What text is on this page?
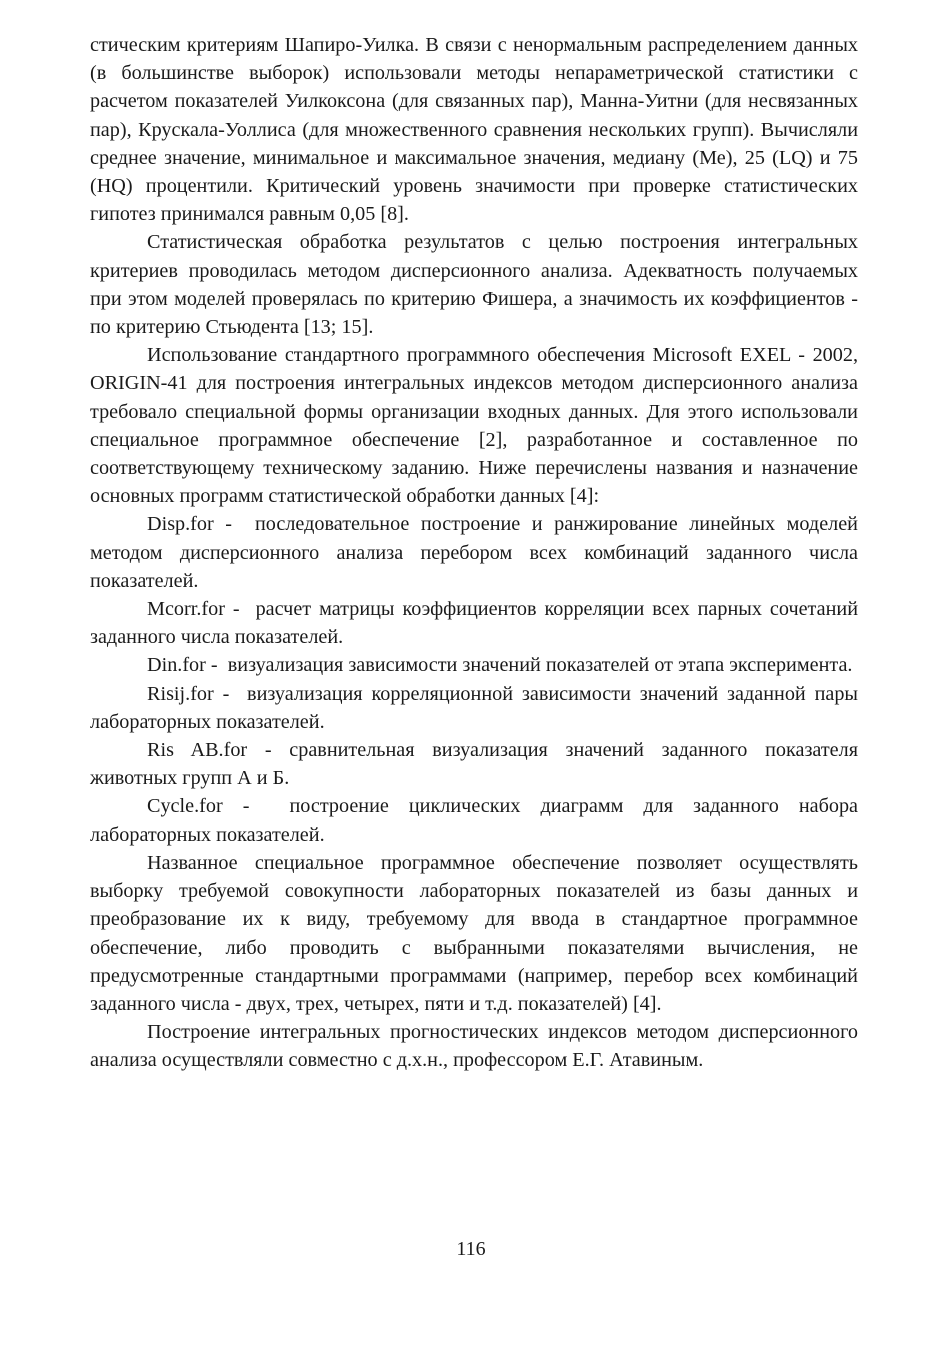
стическим критериям Шапиро-Уилка. В связи с ненормальным распределением данных (в большинстве выборок) использовали методы непараметрической статистики с расчетом показателей Уилкоксона (для связанных пар), Манна-Уитни (для несвязанных пар), Крускала-Уоллиса (для множественного сравнения нескольких групп). Вычисляли среднее значение, минимальное и максимальное значения, медиану (Ме), 25 (LQ) и 75 (HQ) процентили. Критический уровень значимости при проверке статистических гипотез принимался равным 0,05 [8].

Статистическая обработка результатов с целью построения интегральных критериев проводилась методом дисперсионного анализа. Адекватность получаемых при этом моделей проверялась по критерию Фишера, а значимость их коэффициентов - по критерию Стьюдента [13; 15].

Использование стандартного программного обеспечения Microsoft EXEL - 2002, ORIGIN-41 для построения интегральных индексов методом дисперсионного анализа требовало специальной формы организации входных данных. Для этого использовали специальное программное обеспечение [2], разработанное и составленное по соответствующему техническому заданию. Ниже перечислены названия и назначение основных программ статистической обработки данных [4]:

Disp.for - последовательное построение и ранжирование линейных моделей методом дисперсионного анализа перебором всех комбинаций заданного числа показателей.

Mcorr.for - расчет матрицы коэффициентов корреляции всех парных сочетаний заданного числа показателей.

Din.for - визуализация зависимости значений показателей от этапа эксперимента.

Risij.for - визуализация корреляционной зависимости значений заданной пары лабораторных показателей.

Ris AB.for - сравнительная визуализация значений заданного показателя животных групп А и Б.

Cycle.for - построение циклических диаграмм для заданного набора лабораторных показателей.

Названное специальное программное обеспечение позволяет осуществлять выборку требуемой совокупности лабораторных показателей из базы данных и преобразование их к виду, требуемому для ввода в стандартное программное обеспечение, либо проводить с выбранными показателями вычисления, не предусмотренные стандартными программами (например, перебор всех комбинаций заданного числа - двух, трех, четырех, пяти и т.д. показателей) [4].

Построение интегральных прогностических индексов методом дисперсионного анализа осуществляли совместно с д.х.н., профессором Е.Г. Атавиным.

116
